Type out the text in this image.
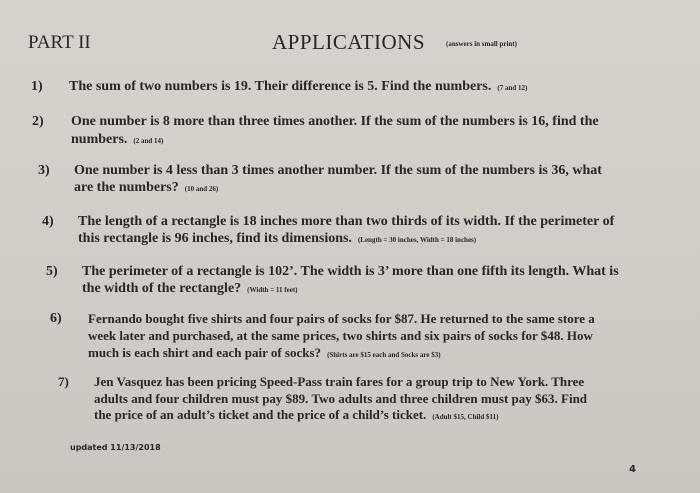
PART II	APPLICATIONS	(answers in small print)
1) The sum of two numbers is 19. Their difference is 5. Find the numbers. (7 and 12)
2) One number is 8 more than three times another. If the sum of the numbers is 16, find the
numbers. (2 and 14)
3) One number is 4 less than 3 times another number. If the sum of the numbers is 36, what
are the numbers? (10 and 26)
4) The length of a rectangle is 18 inches more than two thirds of its width. If the perimeter of
this rectangle is 96 inches, find its dimensions. (Length = 30 inches, Width = 18 inches)
5) The perimeter of a rectangle is 102’. The width is 3’ more than one fifth its length. What is
the width of the rectangle? (Width = 11 feet)
6) Fernando bought five shirts and four pairs of socks for $87. He returned to the same store a
week later and purchased, at the same prices, two shirts and six pairs of socks for $48. How
much is each shirt and each pair of socks? (Shirts are $15 each and Socks are $3)
7) Jen Vasquez has been pricing Speed-Pass train fares for a group trip to New York. Three
adults and four children must pay $89. Two adults and three children must pay $63. Find
the price of an adult’s ticket and the price of a child’s ticket. (Adult $15, Child $11)
updated 11/13/2018
4
